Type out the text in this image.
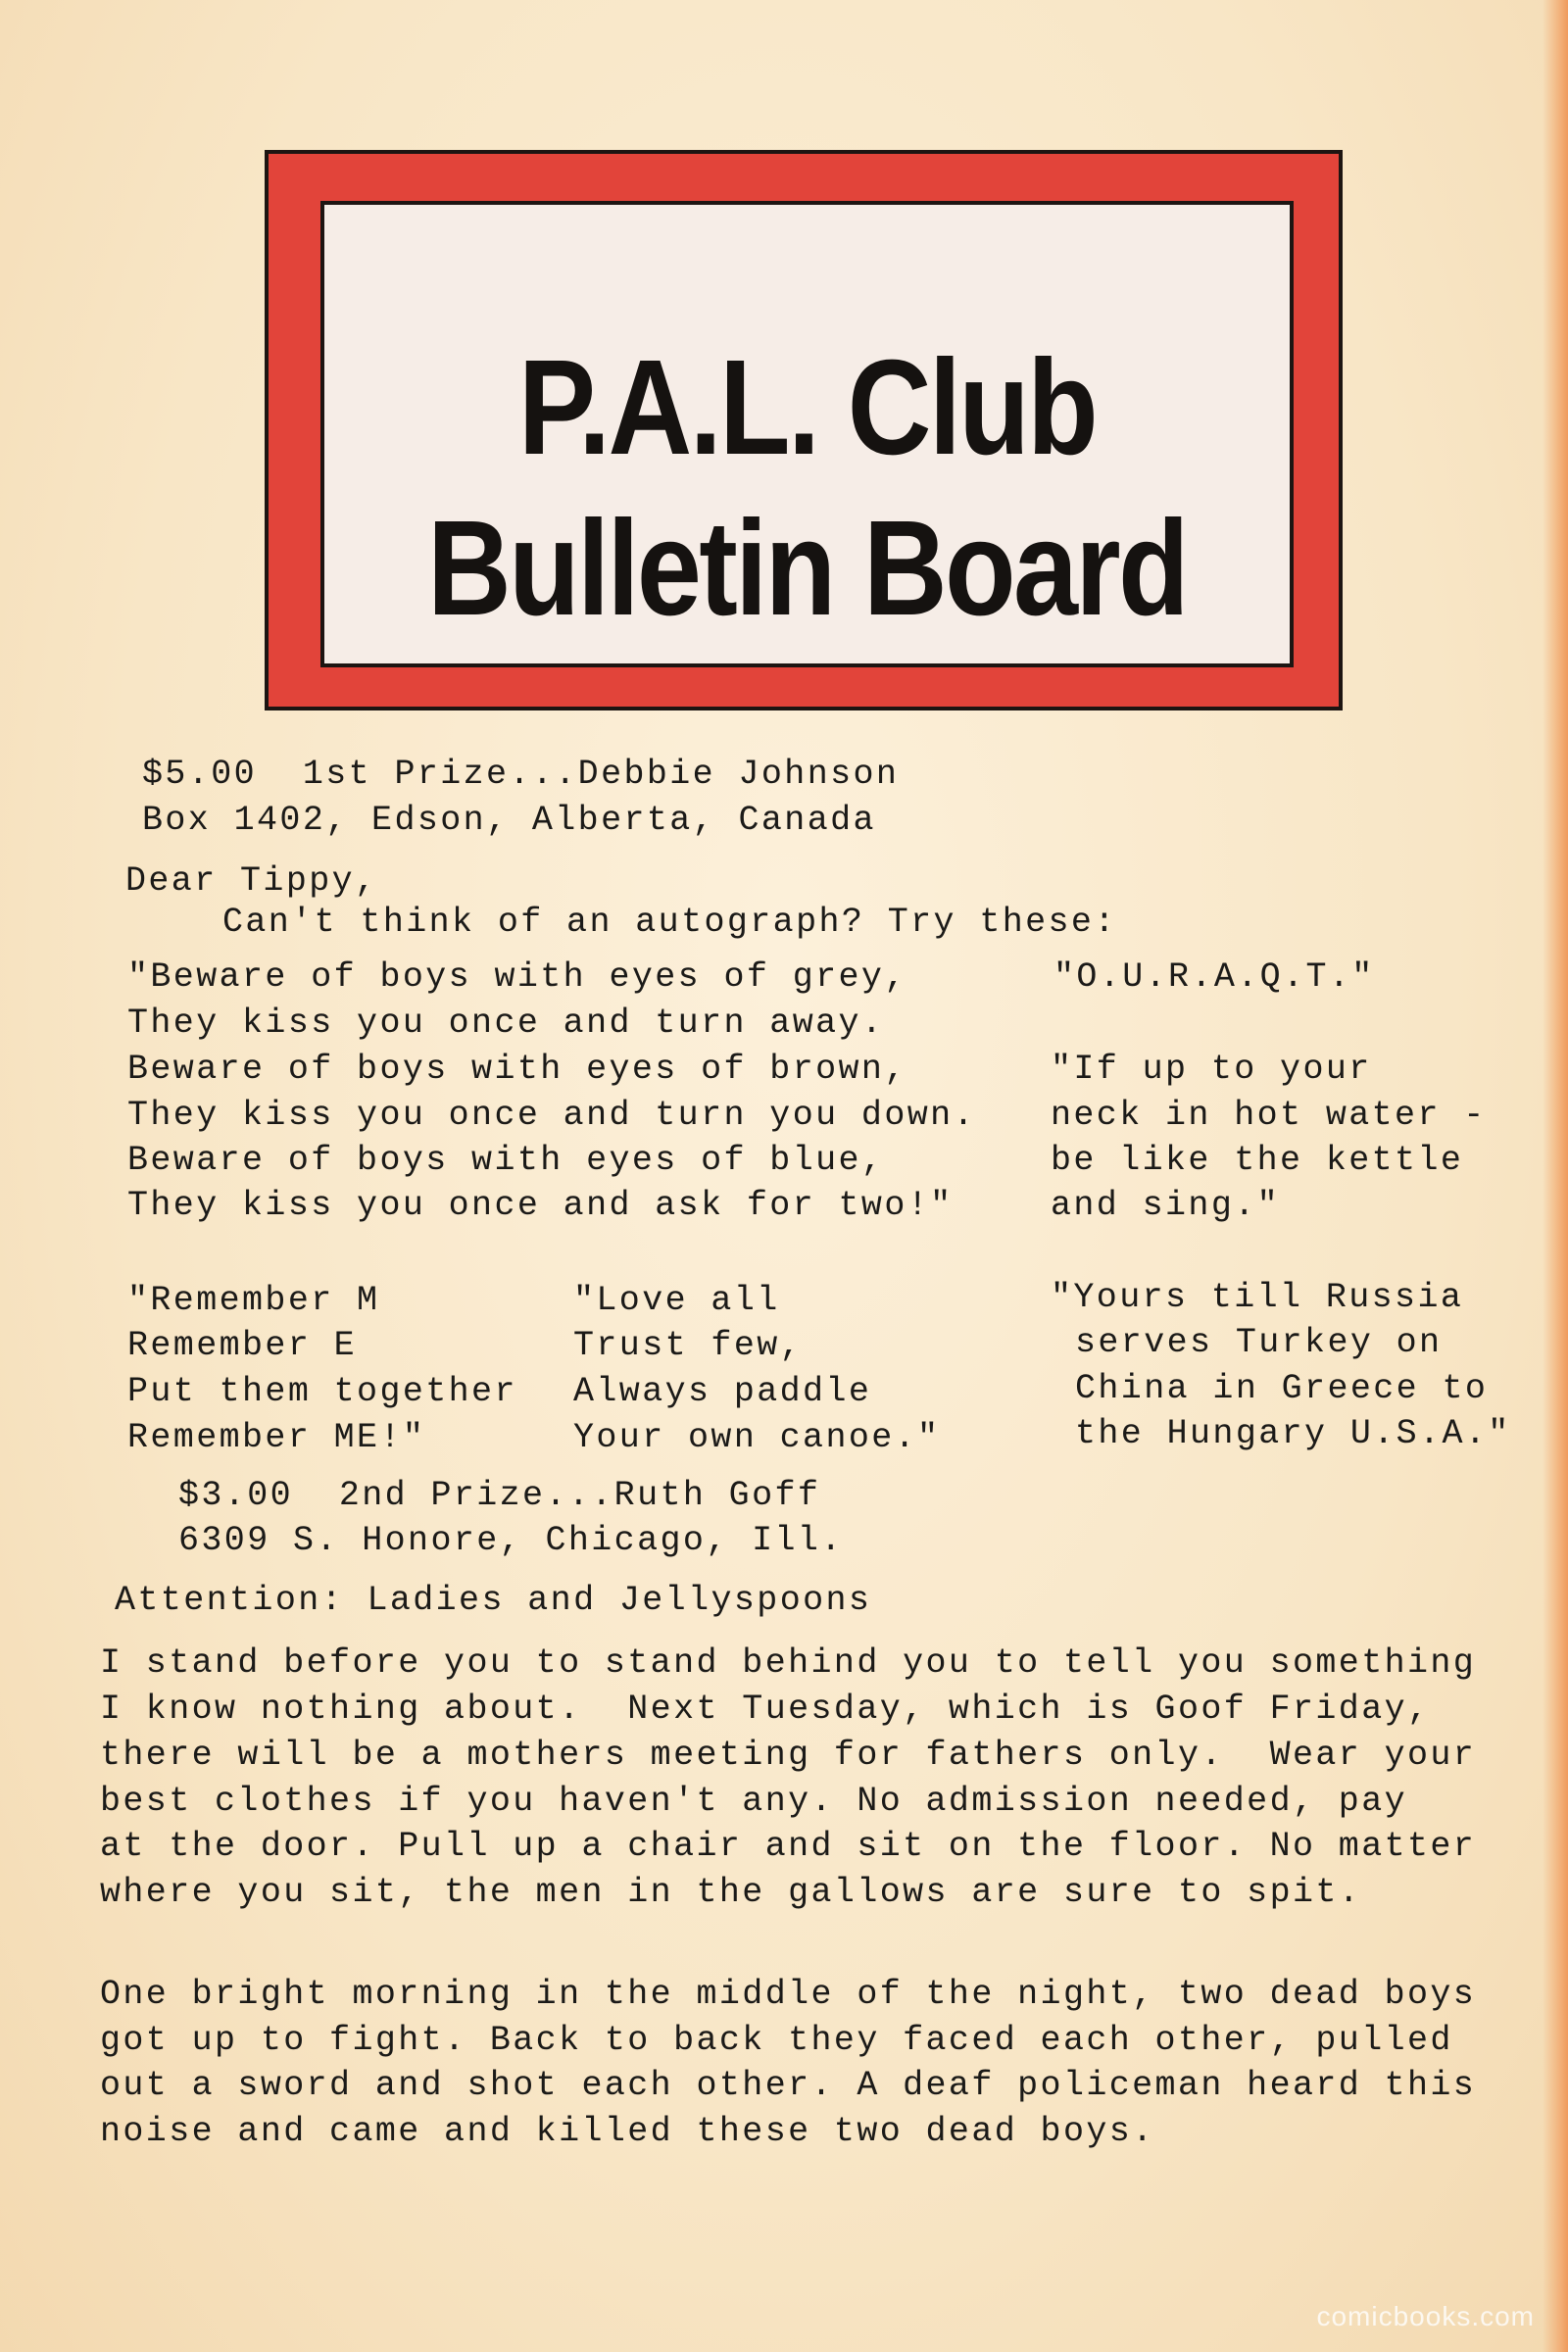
P.A.L. Club
Bulletin Board
$5.00  1st Prize...Debbie Johnson
Box 1402, Edson, Alberta, Canada
Dear Tippy,
Can't think of an autograph? Try these:
"Beware of boys with eyes of grey,
They kiss you once and turn away.
Beware of boys with eyes of brown,
They kiss you once and turn you down.
Beware of boys with eyes of blue,
They kiss you once and ask for two!"
"O.U.R.A.Q.T."
"If up to your
neck in hot water -
be like the kettle
and sing."
"Remember M
Remember E
Put them together
Remember ME!"
"Love all
Trust few,
Always paddle
Your own canoe."
"Yours till Russia
serves Turkey on
China in Greece to
the Hungary U.S.A."
$3.00  2nd Prize...Ruth Goff
6309 S. Honore, Chicago, Ill.
Attention: Ladies and Jellyspoons
I stand before you to stand behind you to tell you something
I know nothing about.  Next Tuesday, which is Goof Friday,
there will be a mothers meeting for fathers only.  Wear your
best clothes if you haven't any. No admission needed, pay
at the door. Pull up a chair and sit on the floor. No matter
where you sit, the men in the gallows are sure to spit.
One bright morning in the middle of the night, two dead boys
got up to fight. Back to back they faced each other, pulled
out a sword and shot each other. A deaf policeman heard this
noise and came and killed these two dead boys.
comicbooks.com
